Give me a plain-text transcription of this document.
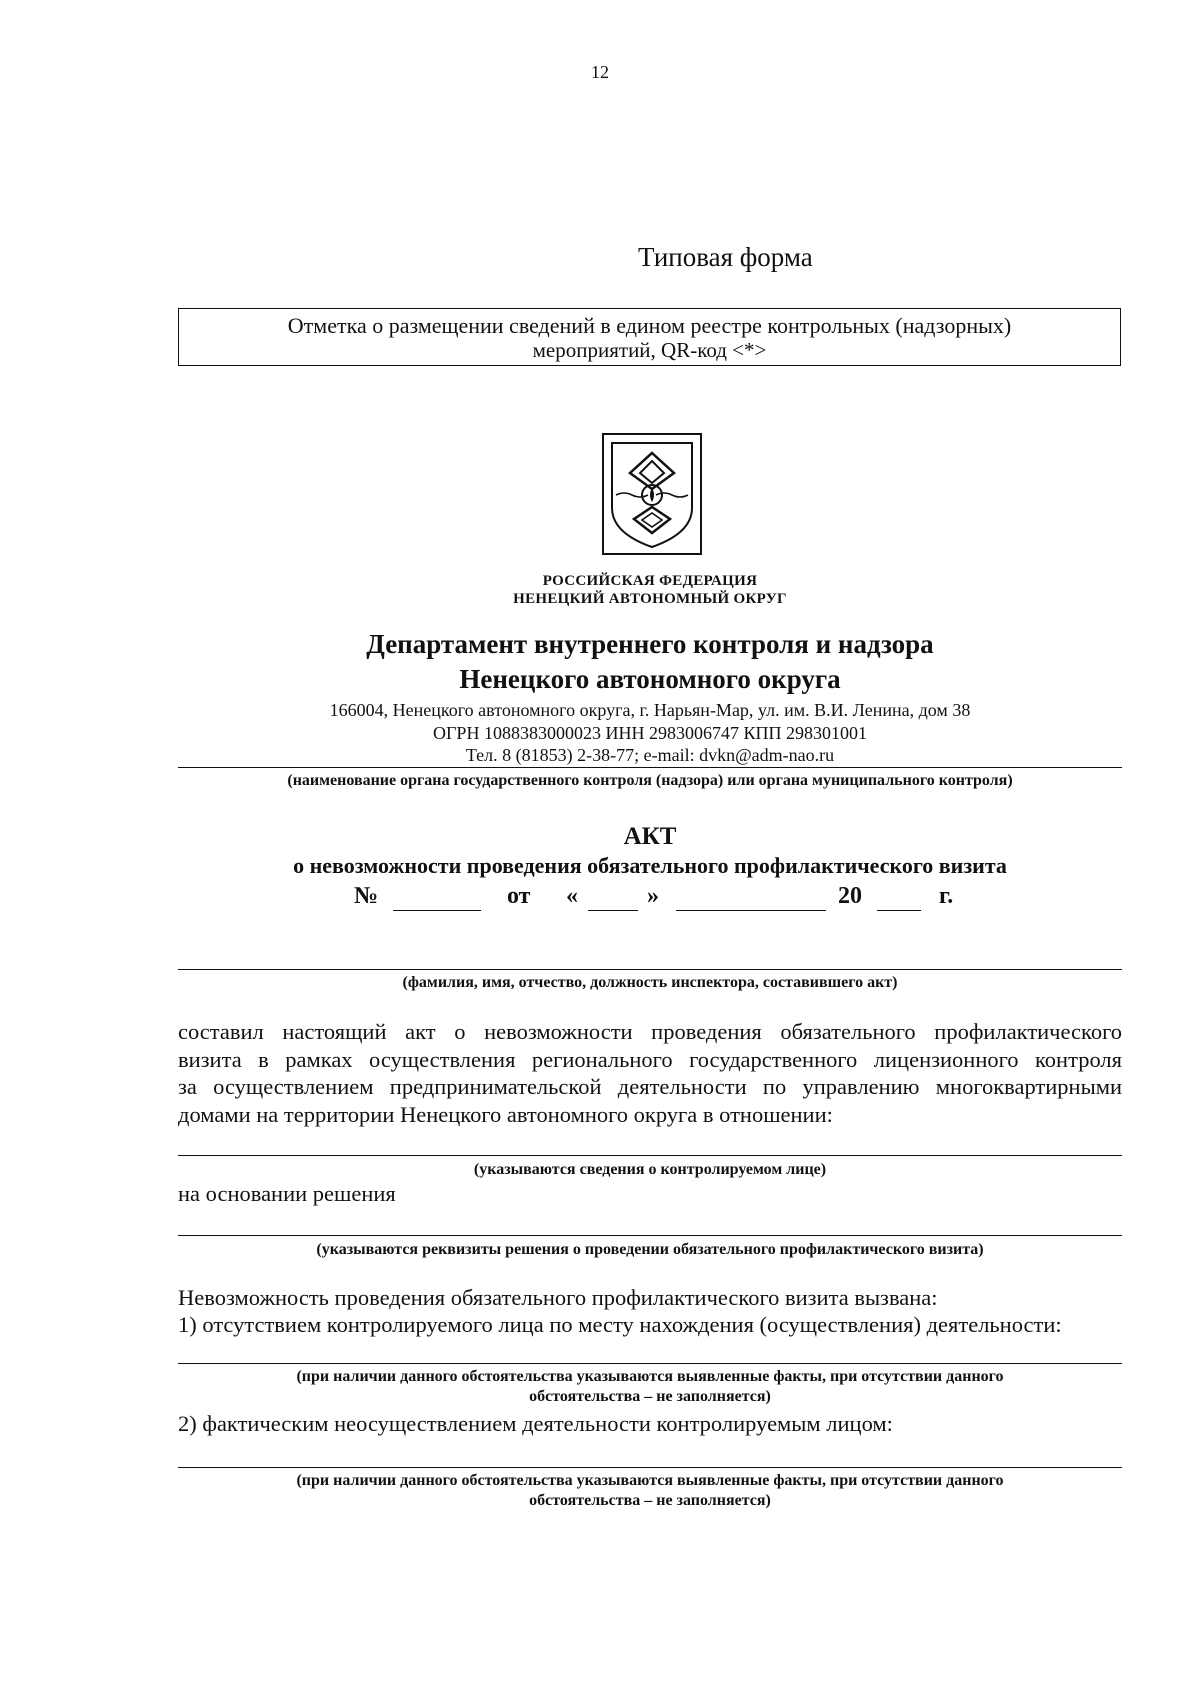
12
Типовая форма
Отметка о размещении сведений в едином реестре контрольных (надзорных)
мероприятий, QR-код <*>
РОССИЙСКАЯ ФЕДЕРАЦИЯ
НЕНЕЦКИЙ АВТОНОМНЫЙ ОКРУГ
Департамент внутреннего контроля и надзора
Ненецкого автономного округа
166004, Ненецкого автономного округа, г. Нарьян-Мар, ул. им. В.И. Ленина, дом 38
ОГРН 1088383000023 ИНН 2983006747 КПП 298301001
Тел. 8 (81853) 2-38-77; e-mail: dvkn@adm-nao.ru
(наименование органа государственного контроля (надзора) или органа муниципального контроля)
АКТ
о невозможности проведения обязательного профилактического визита
№	от «	»	20	г.
(фамилия, имя, отчество, должность инспектора, составившего акт)
составил настоящий акт о невозможности проведения обязательного профилактического
визита в рамках осуществления регионального государственного лицензионного контроля
за осуществлением предпринимательской деятельности по управлению многоквартирными
домами на территории Ненецкого автономного округа в отношении:
(указываются сведения о контролируемом лице)
на основании решения
(указываются реквизиты решения о проведении обязательного профилактического визита)
Невозможность проведения обязательного профилактического визита вызвана:
1) отсутствием контролируемого лица по месту нахождения (осуществления) деятельности:
(при наличии данного обстоятельства указываются выявленные факты, при отсутствии данного
обстоятельства – не заполняется)
2) фактическим неосуществлением деятельности контролируемым лицом:
(при наличии данного обстоятельства указываются выявленные факты, при отсутствии данного
обстоятельства – не заполняется)
